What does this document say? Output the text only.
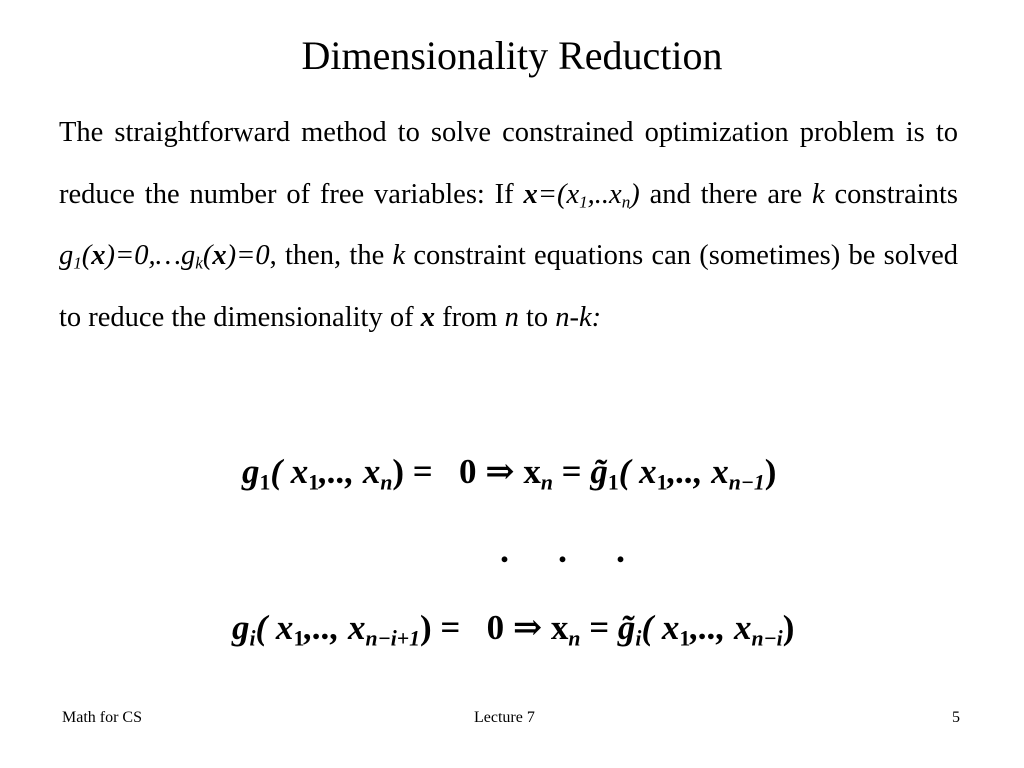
Dimensionality Reduction

The straightforward method to solve constrained optimization problem is to reduce the number of free variables: If $x=(x_1,..x_n)$ and there are k constraints $g_1(x)=0,\dots g_k(x)=0$, then, the k constraint equations can (sometimes) be solved to reduce the dimensionality of x from n to n-k:

$g_1$( $x_1$,.., $x_n) = 0$ ⇒ $x_n$ = $g̃_1$( $x_1$,.., $x_{n-1}$)
. . .
$g_i$( $x_1$,.., $x_{n-i+1}) = 0$ ⇒ $x_n$ = $g̃_i$( $x_1$,.., $x_{n-i}$)
Math for CS	Lecture 7	5
